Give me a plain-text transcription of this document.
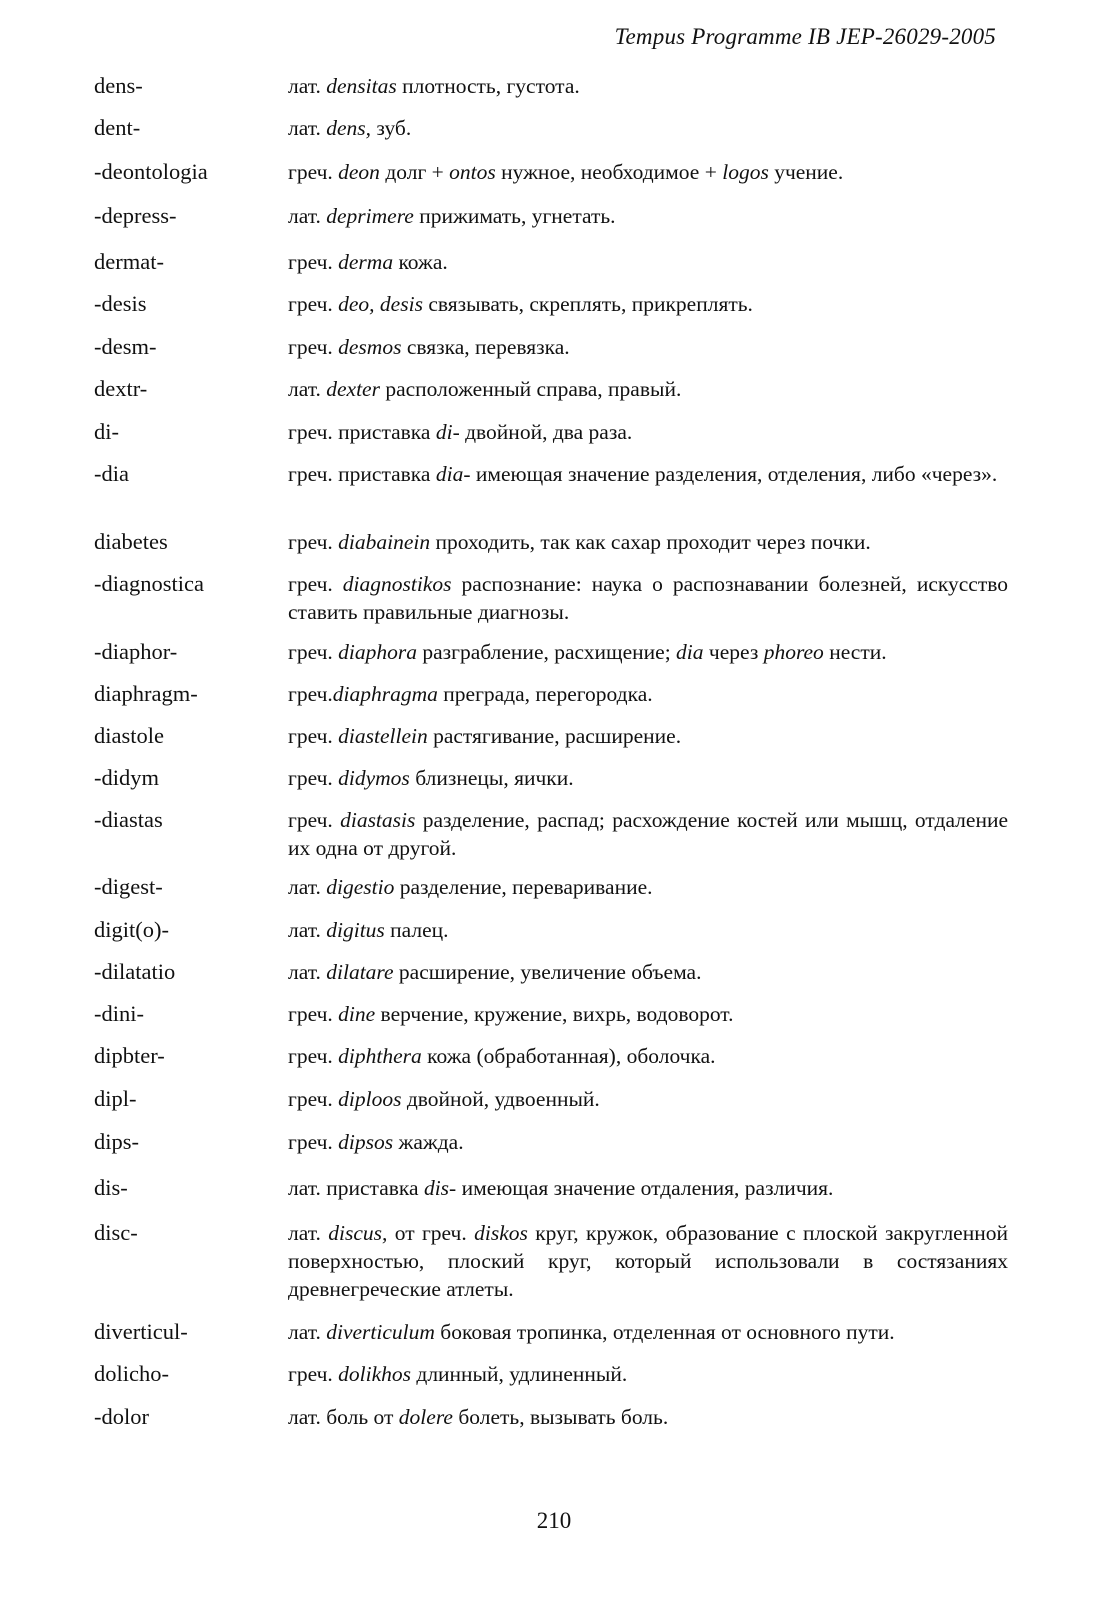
Tempus Programme IB JEP-26029-2005
dens-	лат. densitas плотность, густота.
dent-	лат. dens, зуб.
-deontologia	греч. deon долг + ontos нужное, необходимое + logos учение.
-depress-	лат. deprimere прижимать, угнетать.
dermat-	греч. derma кожа.
-desis	греч. deo, desis связывать, скреплять, прикреплять.
-desm-	греч. desmos связка, перевязка.
dextr-	лат. dexter расположенный справа, правый.
di-	греч. приставка di- двойной, два раза.
-dia	греч. приставка dia- имеющая значение разделения, отделения, либо «через».
diabetes	греч. diabainein проходить, так как сахар проходит через почки.
-diagnostica	греч. diagnostikos распознание: наука о распознавании болезней, искусство ставить правильные диагнозы.
-diaphor-	греч. diaphora разграбление, расхищение; dia через phoreo нести.
diaphragm-	греч.diaphragma преграда, перегородка.
diastole	греч. diastellein растягивание, расширение.
-didym	греч. didymos близнецы, яички.
-diastas	греч. diastasis разделение, распад; расхождение костей или мышц, отдаление их одна от другой.
-digest-	лат. digestio разделение, переваривание.
digit(o)-	лат. digitus палец.
-dilatatio	лат. dilatare расширение, увеличение объема.
-dini-	греч. dine верчение, кружение, вихрь, водоворот.
dipbter-	греч. diphthera кожа (обработанная), оболочка.
dipl-	греч. diploos двойной, удвоенный.
dips-	греч. dipsos жажда.
dis-	лат. приставка dis- имеющая значение отдаления, различия.
disc-	лат. discus, от греч. diskos круг, кружок, образование с плоской закругленной поверхностью, плоский круг, который использовали в состязаниях древнегреческие атлеты.
diverticul-	лат. diverticulum боковая тропинка, отделенная от основного пути.
dolicho-	греч. dolikhos длинный, удлиненный.
-dolor	лат. боль от dolere болеть, вызывать боль.
210
